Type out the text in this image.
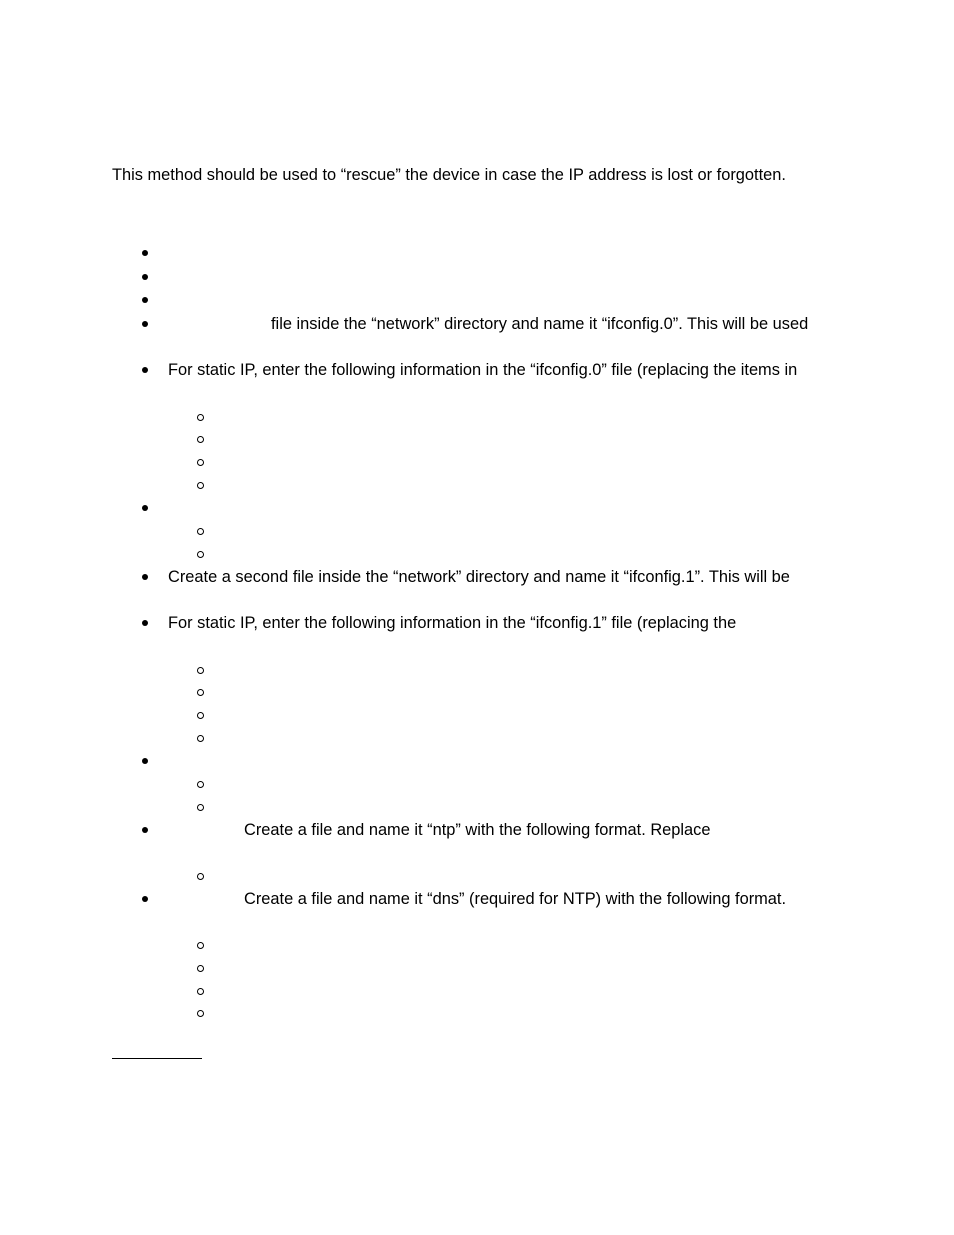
This method should be used to “rescue” the device in case the IP address is lost or forgotten.
file inside the “network” directory and name it “ifconfig.0”. This will be used
For static IP, enter the following information in the “ifconfig.0” file (replacing the items in
Create a second file inside the “network” directory and name it “ifconfig.1”. This will be
For static IP, enter the following information in the “ifconfig.1” file (replacing the
Create a file and name it “ntp” with the following format. Replace
Create a file and name it “dns” (required for NTP) with the following format.
